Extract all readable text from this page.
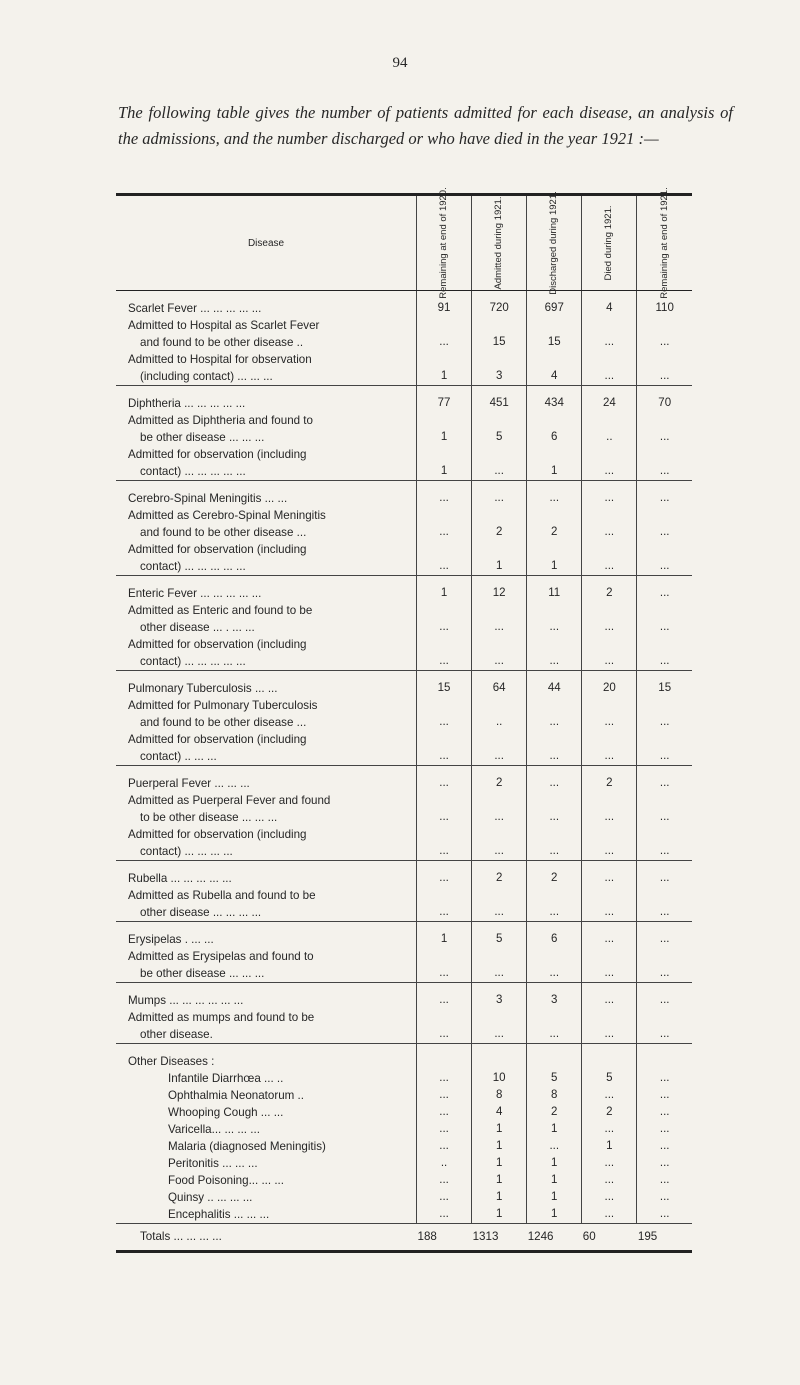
94
The following table gives the number of patients admitted for each disease, an analysis of the admissions, and the number discharged or who have died in the year 1921 :—
Disease	Remaining at end of 1920.	Admitted during 1921.	Discharged during 1921.	Died during 1921.	Remaining at end of 1921.

Scarlet Fever ... ... ... ... ...	91	720	697	4	110
Admitted to Hospital as Scarlet Fever					
and found to be other disease ..	...	15	15	...	...
Admitted to Hospital for observation					
(including contact) ... ... ...	1	3	4	...	...

Diphtheria ... ... ... ... ...	77	451	434	24	70
Admitted as Diphtheria and found to					
be other disease ... ... ...	1	5	6	..	...
Admitted for observation (including					
contact) ... ... ... ... ...	1	...	1	...	...

Cerebro-Spinal Meningitis ... ...	...	...	...	...	...
Admitted as Cerebro-Spinal Meningitis					
and found to be other disease ...	...	2	2	...	...
Admitted for observation (including					
contact) ... ... ... ... ...	...	1	1	...	...

Enteric Fever ... ... ... ... ...	1	12	11	2	...
Admitted as Enteric and found to be					
other disease ... . ... ...	...	...	...	...	...
Admitted for observation (including					
contact) ... ... ... ... ...	...	...	...	...	...

Pulmonary Tuberculosis ... ...	15	64	44	20	15
Admitted for Pulmonary Tuberculosis					
and found to be other disease ...	...	..	...	...	...
Admitted for observation (including					
contact) .. ... ...	...	...	...	...	...

Puerperal Fever ... ... ...	...	2	...	2	...
Admitted as Puerperal Fever and found					
to be other disease ... ... ...	...	...	...	...	...
Admitted for observation (including					
contact) ... ... ... ...	...	...	...	...	...

Rubella ... ... ... ... ...	...	2	2	...	...
Admitted as Rubella and found to be					
other disease ... ... ... ...	...	...	...	...	...

Erysipelas . ... ...	1	5	6	...	...
Admitted as Erysipelas and found to					
be other disease ... ... ...	...	...	...	...	...

Mumps ... ... ... ... ... ...	...	3	3	...	...
Admitted as mumps and found to be					
other disease.	...	...	...	...	...

Other Diseases :					
Infantile Diarrhœa ... ..	...	10	5	5	...
Ophthalmia Neonatorum ..	...	8	8	...	...
Whooping Cough ... ...	...	4	2	2	...
Varicella... ... ... ...	...	1	1	...	...
Malaria (diagnosed Meningitis)	...	1	...	1	...
Peritonitis ... ... ...	..	1	1	...	...
Food Poisoning... ... ...	...	1	1	...	...
Quinsy .. ... ... ...	...	1	1	...	...
Encephalitis ... ... ...	...	1	1	...	...
Totals ... ... ... ...	188	1313	1246	60	195
